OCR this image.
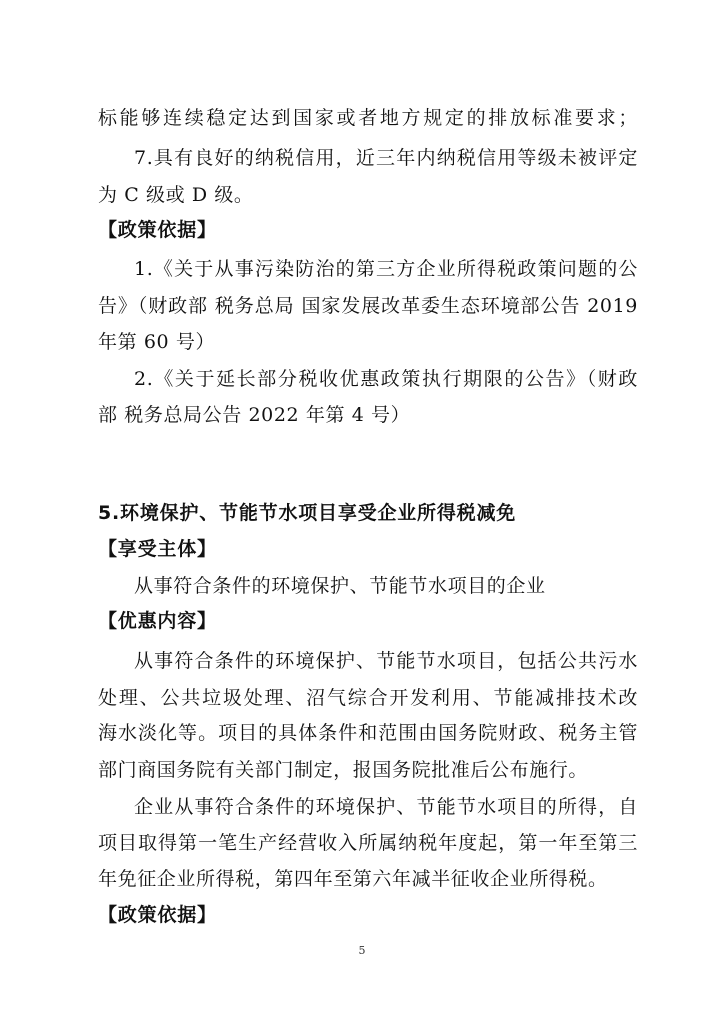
标能够连续稳定达到国家或者地方规定的排放标准要求；
7.具有良好的纳税信用，近三年内纳税信用等级未被评定
为 C 级或 D 级。
【政策依据】
1.《关于从事污染防治的第三方企业所得税政策问题的公
告》（财政部 税务总局 国家发展改革委生态环境部公告 2019
年第 60 号）
2.《关于延长部分税收优惠政策执行期限的公告》（财政
部 税务总局公告 2022 年第 4 号）
5.环境保护、节能节水项目享受企业所得税减免
【享受主体】
从事符合条件的环境保护、节能节水项目的企业
【优惠内容】
从事符合条件的环境保护、节能节水项目，包括公共污水
处理、公共垃圾处理、沼气综合开发利用、节能减排技术改
海水淡化等。项目的具体条件和范围由国务院财政、税务主管
部门商国务院有关部门制定，报国务院批准后公布施行。
企业从事符合条件的环境保护、节能节水项目的所得，自
项目取得第一笔生产经营收入所属纳税年度起，第一年至第三
年免征企业所得税，第四年至第六年减半征收企业所得税。
【政策依据】
5
